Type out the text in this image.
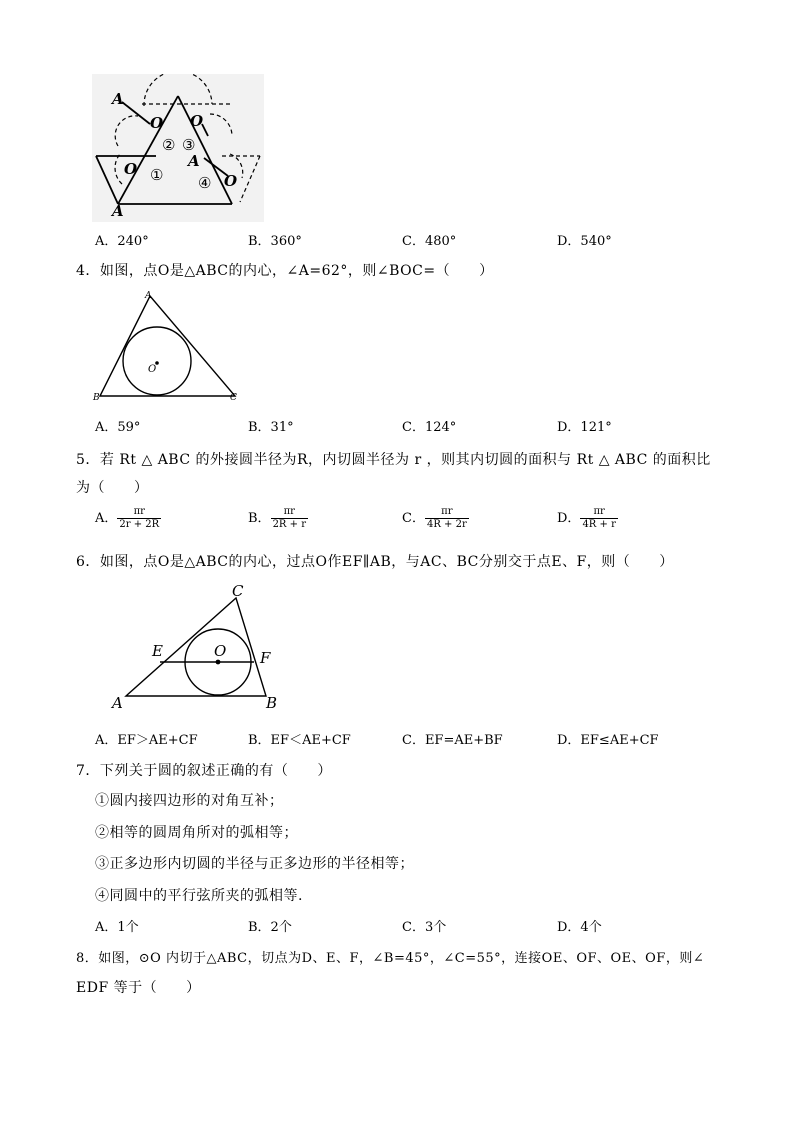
A
O O
O	A
O
A
①
② ③
④
A．240°	B．360°	C．480°	D．540°
4．如图，点O是△ABC的内心，∠A=62°，则∠BOC=（　　）
A
B	C
O
A．59°	B．31°	C．124°	D．121°
5．若 Rt △ ABC 的外接圆半径为R，内切圆半径为 r ，则其内切圆的面积与 Rt △ ABC 的面积比
为（　　）
A． $\frac{\pi r}{2r + 2R}$	B． $\frac{\pi r}{2R + r}$	C． $\frac{\pi r}{4R + 2r}$	D． $\frac{\pi r}{4R + r}$
6．如图，点O是△ABC的内心，过点O作EF∥AB，与AC、BC分别交于点E、F，则（　　）
C
E	O F
A	B
A．EF＞AE+CF	B．EF＜AE+CF	C．EF=AE+BF	D．EF≤AE+CF
7．下列关于圆的叙述正确的有（　　）
①圆内接四边形的对角互补；
②相等的圆周角所对的弧相等；
③正多边形内切圆的半径与正多边形的半径相等；
④同圆中的平行弦所夹的弧相等.
A．1个	B．2个	C．3个	D．4个
8．如图，⊙O 内切于△ABC，切点为D、E、F，∠B=45°，∠C=55°，连接OE、OF、OE、OF，则∠
EDF 等于（　　）
